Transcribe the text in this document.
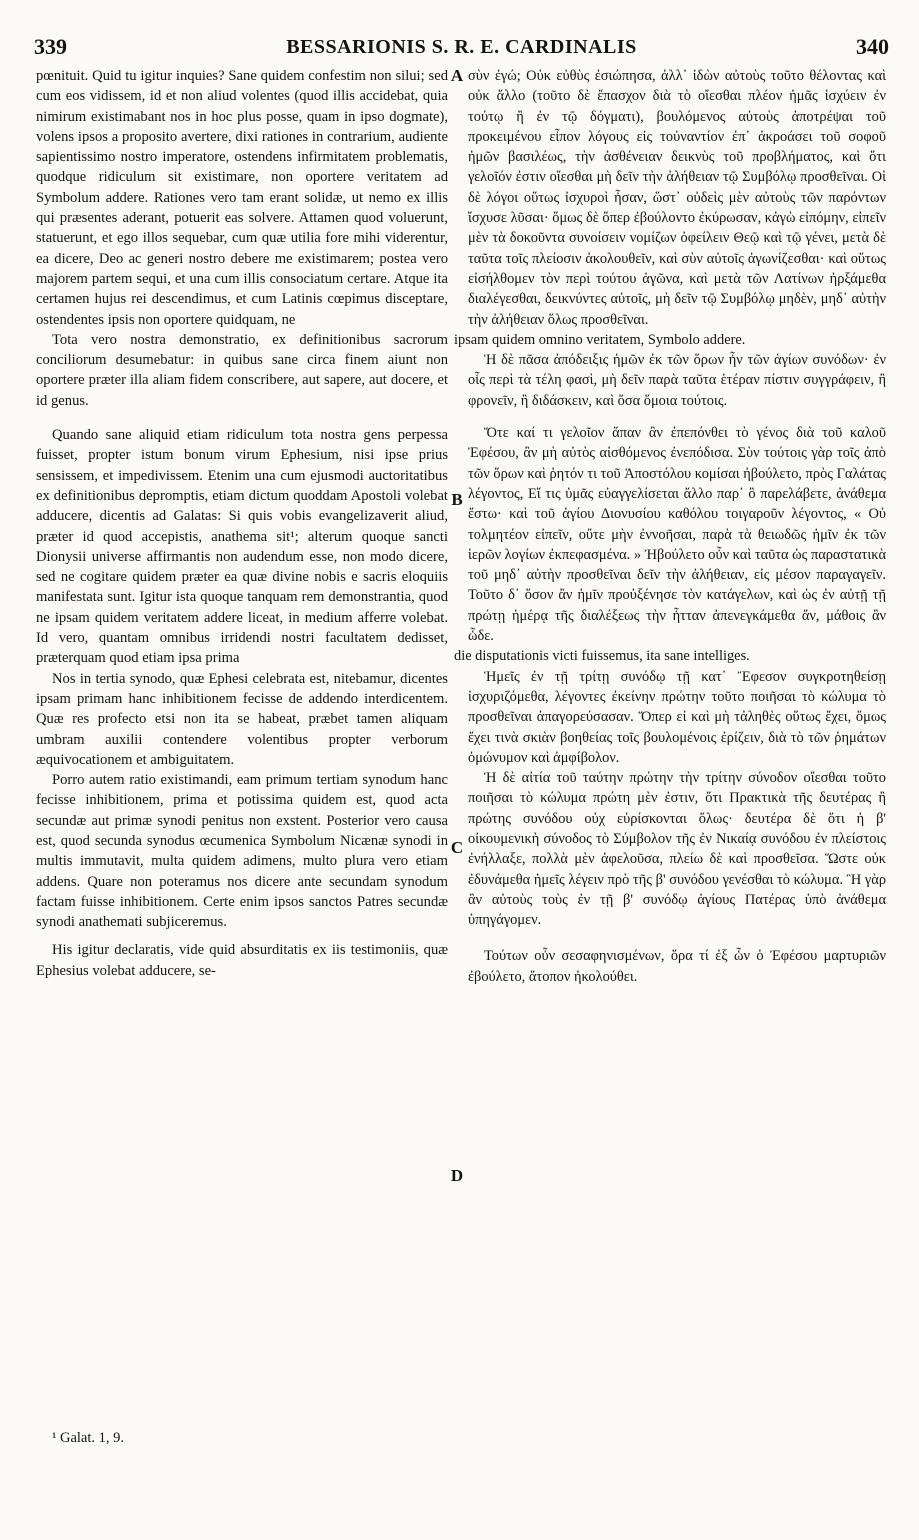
339	BESSARIONIS S. R. E. CARDINALIS	340

pœnituit. Quid tu igitur inquies? Sane quidem confestim non silui; sed cum eos vidissem, id et non aliud volentes (quod illis accidebat, quia nimirum existimabant nos in hoc plus posse, quam in ipso dogmate), volens ipsos a proposito avertere, dixi rationes in contrarium, audiente sapientissimo nostro imperatore, ostendens infirmitatem problematis, quodque ridiculum sit existimare, non oportere veritatem ad Symbolum addere. Rationes vero tam erant solidæ, ut nemo ex illis qui præsentes aderant, potuerit eas solvere. Attamen quod voluerunt, statuerunt, et ego illos sequebar, cum quæ utilia fore mihi viderentur, ea dicere, Deo ac generi nostro debere me existimarem; postea vero majorem partem sequi, et una cum illis consociatum certare. Atque ita certamen hujus rei descendimus, et cum Latinis cœpimus disceptare, ostendentes ipsis non oportere quidquam, ne

Tota vero nostra demonstratio, ex definitionibus sacrorum conciliorum desumebatur: in quibus sane circa finem aiunt non oportere præter illa aliam fidem conscribere, aut sapere, aut docere, et id genus.

Quando sane aliquid etiam ridiculum tota nostra gens perpessa fuisset, propter istum bonum virum Ephesium, nisi ipse prius sensissem, et impedivissem. Etenim una cum ejusmodi auctoritatibus ex definitionibus depromptis, etiam dictum quoddam Apostoli volebat adducere, dicentis ad Galatas: Si quis vobis evangelizaverit aliud, præter id quod accepistis, anathema sit¹; alterum quoque sancti Dionysii universe affirmantis non audendum esse, non modo dicere, sed ne cogitare quidem præter ea quæ divine nobis e sacris eloquiis manifestata sunt. Igitur ista quoque tanquam rem demonstrantia, quod ne ipsam quidem veritatem addere liceat, in medium afferre volebat. Id vero, quantam omnibus irridendi nostri facultatem dedisset, præterquam quod etiam ipsa prima

Nos in tertia synodo, quæ Ephesi celebrata est, nitebamur, dicentes ipsam primam hanc inhibitionem fecisse de addendo interdicentem. Quæ res profecto etsi non ita se habeat, præbet tamen aliquam umbram auxilii contendere volentibus propter verborum æquivocationem et ambiguitatem.

Porro autem ratio existimandi, eam primum tertiam synodum hanc fecisse inhibitionem, prima et potissima quidem est, quod acta secundæ aut primæ synodi penitus non exstent. Posterior vero causa est, quod secunda synodus œcumenica Symbolum Nicænæ synodi in multis immutavit, multa quidem adimens, multo plura vero etiam addens. Quare non poteramus nos dicere ante secundam synodum factam fuisse inhibitionem. Certe enim ipsos sanctos Patres secundæ synodi anathemati subjiceremus.

His igitur declaratis, vide quid absurditatis ex iis testimoniis, quæ Ephesius volebat adducere, se-

A
B
C
D

σὺν ἐγώ; Οὐκ εὐθὺς ἐσιώπησα, ἀλλ᾿ ἰδὼν αὐτοὺς τοῦτο θέλοντας καὶ οὐκ ἄλλο (τοῦτο δὲ ἔπασχον διὰ τὸ οἴεσθαι πλέον ἡμᾶς ἰσχύειν ἐν τούτῳ ἢ ἐν τῷ δόγματι), βουλόμενος αὐτοὺς ἀποτρέψαι τοῦ προκειμένου εἶπον λόγους εἰς τοὐναντίον ἐπ᾿ ἀκροάσει τοῦ σοφοῦ ἡμῶν βασιλέως, τὴν ἀσθένειαν δεικνὺς τοῦ προβλήματος, καὶ ὅτι γελοῖόν ἐστιν οἴεσθαι μὴ δεῖν τὴν ἀλήθειαν τῷ Συμβόλῳ προσθεῖναι. Οἱ δὲ λόγοι οὕτως ἰσχυροὶ ἦσαν, ὥστ᾿ οὐδεὶς μὲν αὐτοὺς τῶν παρόντων ἴσχυσε λῦσαι· ὅμως δὲ ὅπερ ἐβούλοντο ἐκύρωσαν, κἀγὼ εἰπόμην, εἰπεῖν μὲν τὰ δοκοῦντα συνοίσειν νομίζων ὀφείλειν Θεῷ καὶ τῷ γένει, μετὰ δὲ ταῦτα τοῖς πλείοσιν ἀκολουθεῖν, καὶ σὺν αὐτοῖς ἀγωνίζεσθαι· καὶ οὕτως εἰσήλθομεν τὸν περὶ τούτου ἀγῶνα, καὶ μετὰ τῶν Λατίνων ἠρξάμεθα διαλέγεσθαι, δεικνύντες αὐτοῖς, μὴ δεῖν τῷ Συμβόλῳ μηδὲν, μηδ᾿ αὐτὴν τὴν ἀλήθειαν ὅλως προσθεῖναι.

ipsam quidem omnino veritatem, Symbolo addere.

Ἡ δὲ πᾶσα ἀπόδειξις ἡμῶν ἐκ τῶν ὅρων ἦν τῶν ἁγίων συνόδων· ἐν οἷς περὶ τὰ τέλη φασὶ, μὴ δεῖν παρὰ ταῦτα ἑτέραν πίστιν συγγράφειν, ἢ φρονεῖν, ἢ διδάσκειν, καὶ ὅσα ὅμοια τούτοις.

Ὅτε καί τι γελοῖον ἅπαν ἂν ἐπεπόνθει τὸ γένος διὰ τοῦ καλοῦ Ἐφέσου, ἂν μὴ αὐτὸς αἰσθόμενος ἐνεπόδισα. Σὺν τούτοις γὰρ τοῖς ἀπὸ τῶν ὅρων καὶ ῥητόν τι τοῦ Ἀποστόλου κομίσαι ἠβούλετο, πρὸς Γαλάτας λέγοντος, Εἴ τις ὑμᾶς εὐαγγελίσεται ἄλλο παρ᾿ ὃ παρελάβετε, ἀνάθεμα ἔστω· καὶ τοῦ ἁγίου Διονυσίου καθόλου τοιγαροῦν λέγοντος, « Οὐ τολμητέον εἰπεῖν, οὔτε μὴν ἐννοῆσαι, παρὰ τὰ θειωδῶς ἡμῖν ἐκ τῶν ἱερῶν λογίων ἐκπεφασμένα. » Ἠβούλετο οὖν καὶ ταῦτα ὡς παραστατικὰ τοῦ μηδ᾿ αὐτὴν προσθεῖναι δεῖν τὴν ἀλήθειαν, εἰς μέσον παραγαγεῖν. Τοῦτο δ᾿ ὅσον ἂν ἡμῖν προὐξένησε τὸν κατάγελων, καὶ ὡς ἐν αὐτῇ τῇ πρώτῃ ἡμέρᾳ τῆς διαλέξεως τὴν ἧτταν ἀπενεγκάμεθα ἄν, μάθοις ἂν ὧδε.

die disputationis victi fuissemus, ita sane intelliges.

Ἡμεῖς ἐν τῇ τρίτῃ συνόδῳ τῇ κατ᾿ Ἔφεσον συγκροτηθείσῃ ἰσχυριζόμεθα, λέγοντες ἐκείνην πρώτην τοῦτο ποιῆσαι τὸ κώλυμα τὸ προσθεῖναι ἀπαγορεύσασαν. Ὅπερ εἰ καὶ μὴ τἀληθὲς οὕτως ἔχει, ὅμως ἔχει τινὰ σκιὰν βοηθείας τοῖς βουλομένοις ἐρίζειν, διὰ τὸ τῶν ῥημάτων ὁμώνυμον καὶ ἀμφίβολον.

Ἡ δὲ αἰτία τοῦ ταύτην πρώτην τὴν τρίτην σύνοδον οἴεσθαι τοῦτο ποιῆσαι τὸ κώλυμα πρώτη μὲν ἐστιν, ὅτι Πρακτικὰ τῆς δευτέρας ἢ πρώτης συνόδου οὐχ εὑρίσκονται ὅλως· δευτέρα δὲ ὅτι ἡ β' οἰκουμενικὴ σύνοδος τὸ Σύμβολον τῆς ἐν Νικαίᾳ συνόδου ἐν πλείστοις ἐνήλλαξε, πολλὰ μὲν ἀφελοῦσα, πλείω δὲ καὶ προσθεῖσα. Ὥστε οὐκ ἐδυνάμεθα ἡμεῖς λέγειν πρὸ τῆς β' συνόδου γενέσθαι τὸ κώλυμα. Ἢ γὰρ ἂν αὐτοὺς τοὺς ἐν τῇ β' συνόδῳ ἁγίους Πατέρας ὑπὸ ἀνάθεμα ὑπηγάγομεν.

Τούτων οὖν σεσαφηνισμένων, ὅρα τί ἐξ ὧν ὁ Ἐφέσου μαρτυριῶν ἐβούλετο, ἄτοπον ἠκολούθει.

¹ Galat. 1, 9.
